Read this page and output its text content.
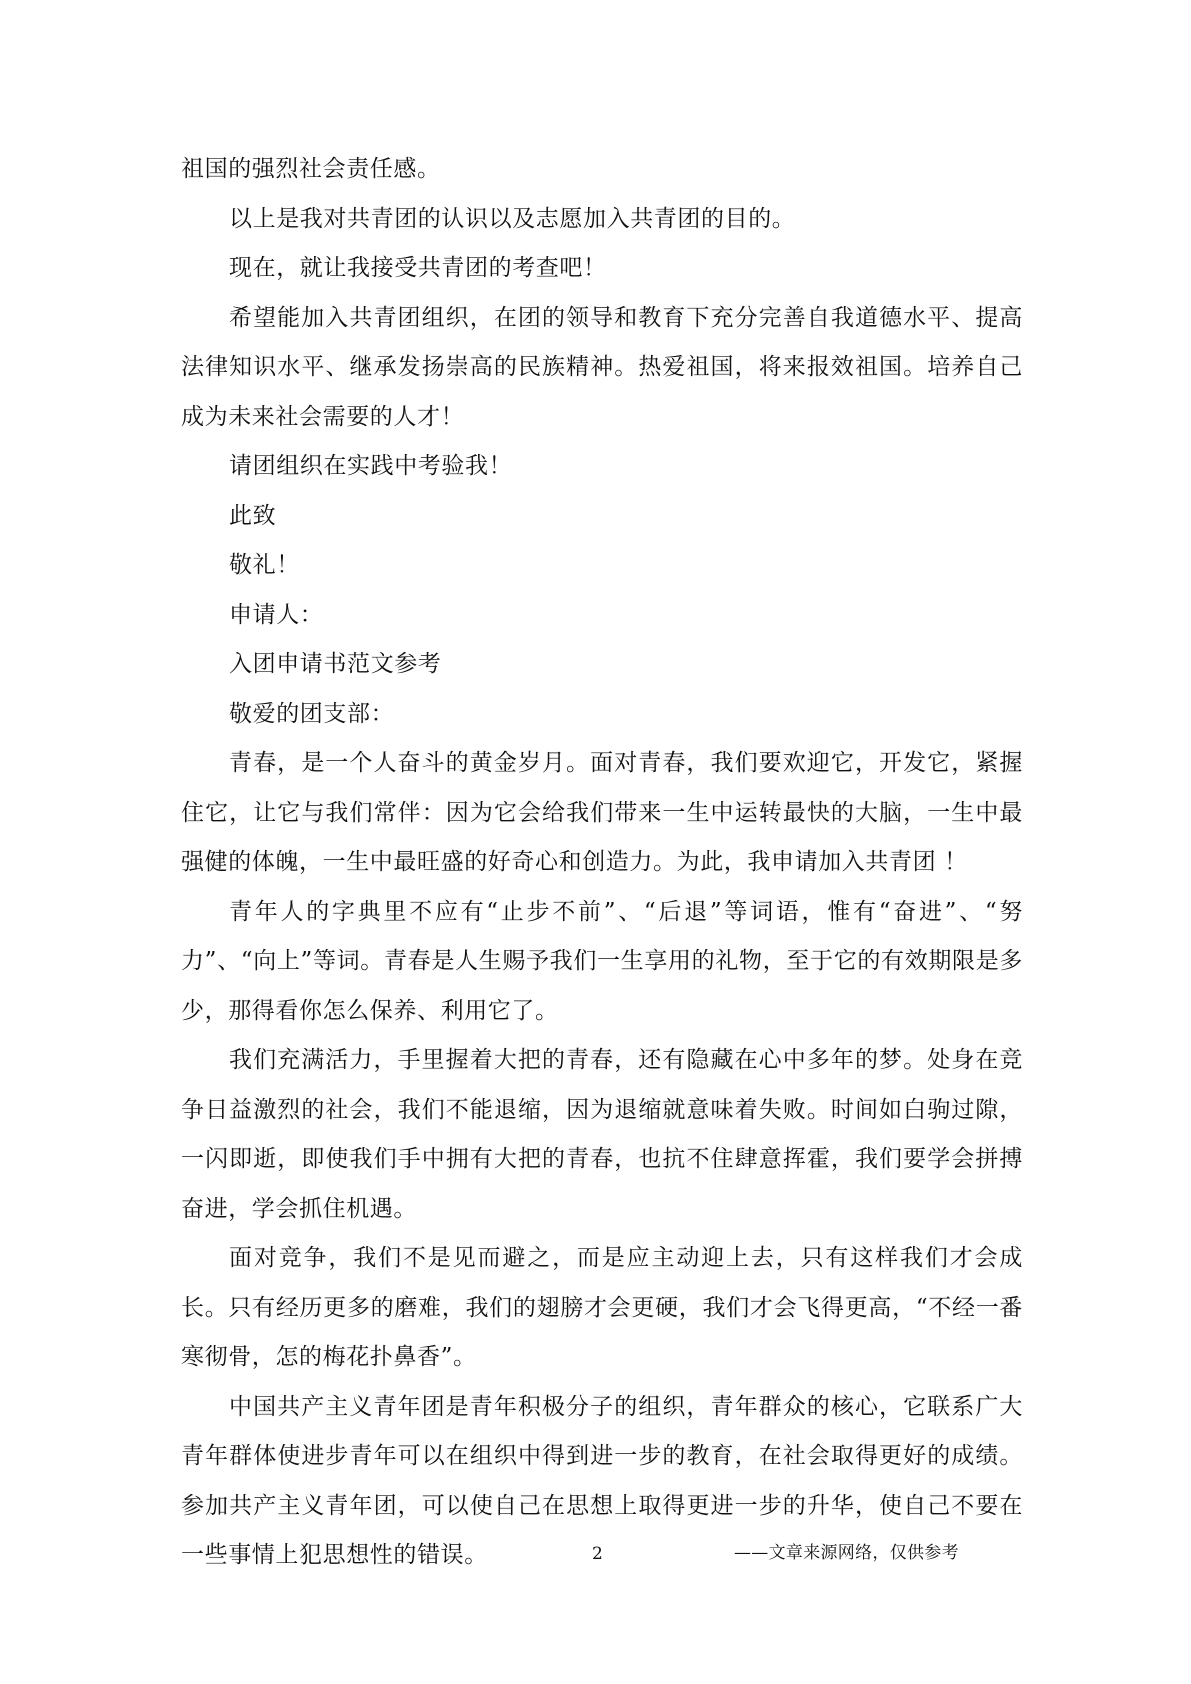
祖国的强烈社会责任感。

以上是我对共青团的认识以及志愿加入共青团的目的。

现在，就让我接受共青团的考查吧！

希望能加入共青团组织，在团的领导和教育下充分完善自我道德水平、提高法律知识水平、继承发扬崇高的民族精神。热爱祖国，将来报效祖国。培养自己成为未来社会需要的人才！

请团组织在实践中考验我！

此致

敬礼！

申请人：

入团申请书范文参考

敬爱的团支部：

青春，是一个人奋斗的黄金岁月。面对青春，我们要欢迎它，开发它，紧握住它，让它与我们常伴：因为它会给我们带来一生中运转最快的大脑，一生中最强健的体魄，一生中最旺盛的好奇心和创造力。为此，我申请加入共青团 ！

青年人的字典里不应有“止步不前”、“后退”等词语，惟有“奋进”、“努力”、“向上”等词。青春是人生赐予我们一生享用的礼物，至于它的有效期限是多少，那得看你怎么保养、利用它了。

我们充满活力，手里握着大把的青春，还有隐藏在心中多年的梦。处身在竞争日益激烈的社会，我们不能退缩，因为退缩就意味着失败。时间如白驹过隙，一闪即逝，即使我们手中拥有大把的青春，也抗不住肆意挥霍，我们要学会拼搏奋进，学会抓住机遇。

面对竞争，我们不是见而避之，而是应主动迎上去，只有这样我们才会成长。只有经历更多的磨难，我们的翅膀才会更硬，我们才会飞得更高，“不经一番寒彻骨，怎的梅花扑鼻香”。

中国共产主义青年团是青年积极分子的组织，青年群众的核心，它联系广大青年群体使进步青年可以在组织中得到进一步的教育，在社会取得更好的成绩。参加共产主义青年团，可以使自己在思想上取得更进一步的升华，使自己不要在一些事情上犯思想性的错误。	2	——文章来源网络，仅供参考
